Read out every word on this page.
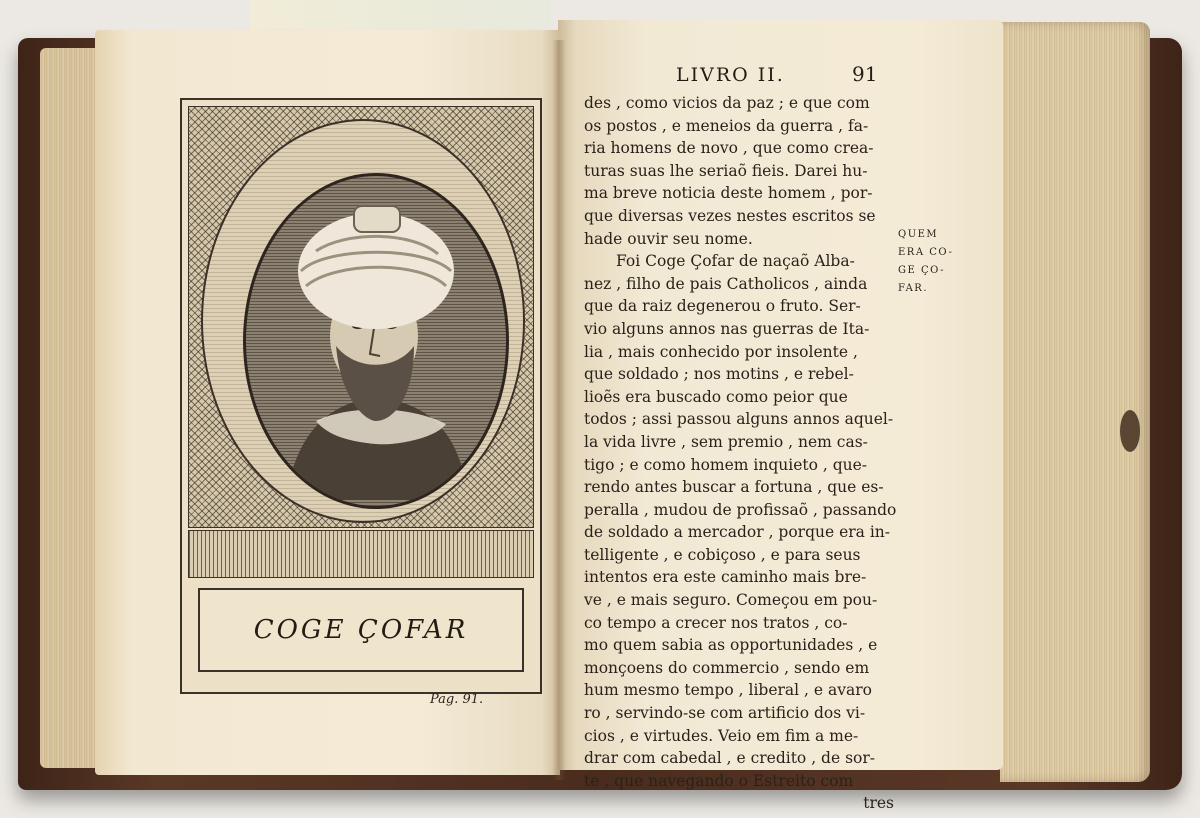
COGE ÇOFAR
Pag. 91.
LIVRO II.	91
des , como vicios da paz ; e que com
os postos , e meneios da guerra , fa-
ria homens de novo , que como crea-
turas suas lhe seriaõ fieis. Darei hu-
ma breve noticia deste homem , por-
que diversas vezes nestes escritos se
hade ouvir seu nome.
Foi Coge Çofar de naçaõ Alba-
nez , filho de pais Catholicos , ainda
que da raiz degenerou o fruto. Ser-
vio alguns annos nas guerras de Ita-
lia , mais conhecido por insolente ,
que soldado ; nos motins , e rebel-
lioẽs era buscado como peior que
todos ; assi passou alguns annos aquel-
la vida livre , sem premio , nem cas-
tigo ; e como homem inquieto , que-
rendo antes buscar a fortuna , que es-
peralla , mudou de profissaõ , passando
de soldado a mercador , porque era in-
telligente , e cobiçoso , e para seus
intentos era este caminho mais bre-
ve , e mais seguro. Começou em pou-
co tempo a crecer nos tratos , co-
mo quem sabia as opportunidades , e
monçoens do commercio , sendo em
hum mesmo tempo , liberal , e avaro
ro , servindo-se com artificio dos vi-
cios , e virtudes. Veio em fim a me-
drar com cabedal , e credito , de sor-
te , que navegando o Estreito com
tres
QUEM
ERA CO-
GE ÇO-
FAR.
